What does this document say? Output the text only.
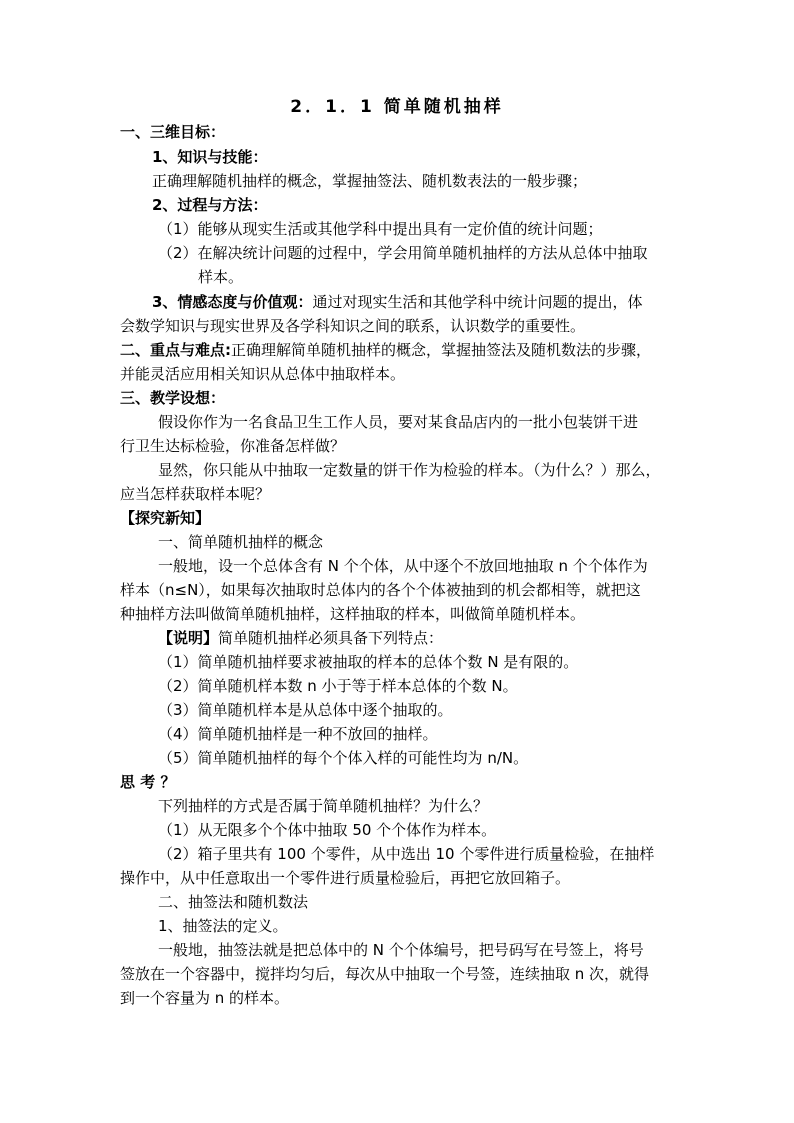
2．1．1 简单随机抽样
一、三维目标：
1、知识与技能：
正确理解随机抽样的概念，掌握抽签法、随机数表法的一般步骤；
2、过程与方法：
（1）能够从现实生活或其他学科中提出具有一定价值的统计问题；
（2）在解决统计问题的过程中，学会用简单随机抽样的方法从总体中抽取
样本。
3、情感态度与价值观：通过对现实生活和其他学科中统计问题的提出，体
会数学知识与现实世界及各学科知识之间的联系，认识数学的重要性。
二、重点与难点:正确理解简单随机抽样的概念，掌握抽签法及随机数法的步骤，
并能灵活应用相关知识从总体中抽取样本。
三、教学设想：
假设你作为一名食品卫生工作人员，要对某食品店内的一批小包装饼干进
行卫生达标检验，你准备怎样做？
显然，你只能从中抽取一定数量的饼干作为检验的样本。（为什么？）那么，
应当怎样获取样本呢？
【探究新知】
一、简单随机抽样的概念
一般地，设一个总体含有 N 个个体，从中逐个不放回地抽取 n 个个体作为
样本（n≤N），如果每次抽取时总体内的各个个体被抽到的机会都相等，就把这
种抽样方法叫做简单随机抽样，这样抽取的样本，叫做简单随机样本。
【说明】简单随机抽样必须具备下列特点：
（1）简单随机抽样要求被抽取的样本的总体个数 N 是有限的。
（2）简单随机样本数 n 小于等于样本总体的个数 N。
（3）简单随机样本是从总体中逐个抽取的。
（4）简单随机抽样是一种不放回的抽样。
（5）简单随机抽样的每个个体入样的可能性均为 n/N。
思 考 ？
下列抽样的方式是否属于简单随机抽样？为什么？
（1）从无限多个个体中抽取 50 个个体作为样本。
（2）箱子里共有 100 个零件，从中选出 10 个零件进行质量检验，在抽样
操作中，从中任意取出一个零件进行质量检验后，再把它放回箱子。
二、抽签法和随机数法
1、抽签法的定义。
一般地，抽签法就是把总体中的 N 个个体编号，把号码写在号签上，将号
签放在一个容器中，搅拌均匀后，每次从中抽取一个号签，连续抽取 n 次，就得
到一个容量为 n 的样本。
